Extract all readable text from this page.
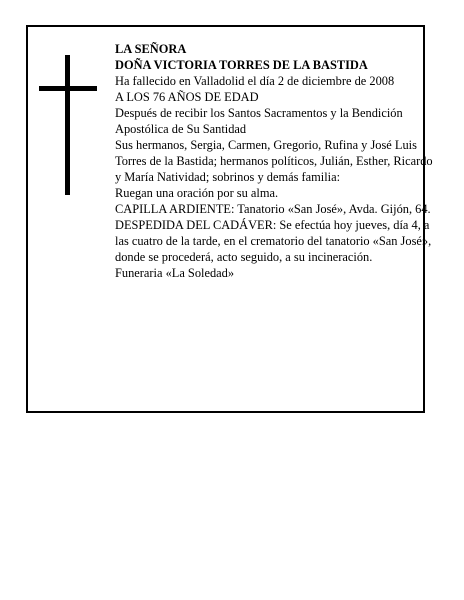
LA SEÑORA

DOÑA VICTORIA TORRES DE LA BASTIDA

Ha fallecido en Valladolid el día 2 de diciembre de 2008

A LOS 76 AÑOS DE EDAD

Después de recibir los Santos Sacramentos y la Bendición Apostólica de Su Santidad

Sus hermanos, Sergia, Carmen, Gregorio, Rufina y José Luis Torres de la Bastida; hermanos políticos, Julián, Esther, Ricardo y María Natividad; sobrinos y demás familia:

Ruegan una oración por su alma.

CAPILLA ARDIENTE: Tanatorio «San José», Avda. Gijón, 64.

DESPEDIDA DEL CADÁVER: Se efectúa hoy jueves, día 4, a las cuatro de la tarde, en el crematorio del tanatorio «San José», donde se procederá, acto seguido, a su incineración.

Funeraria «La Soledad»
